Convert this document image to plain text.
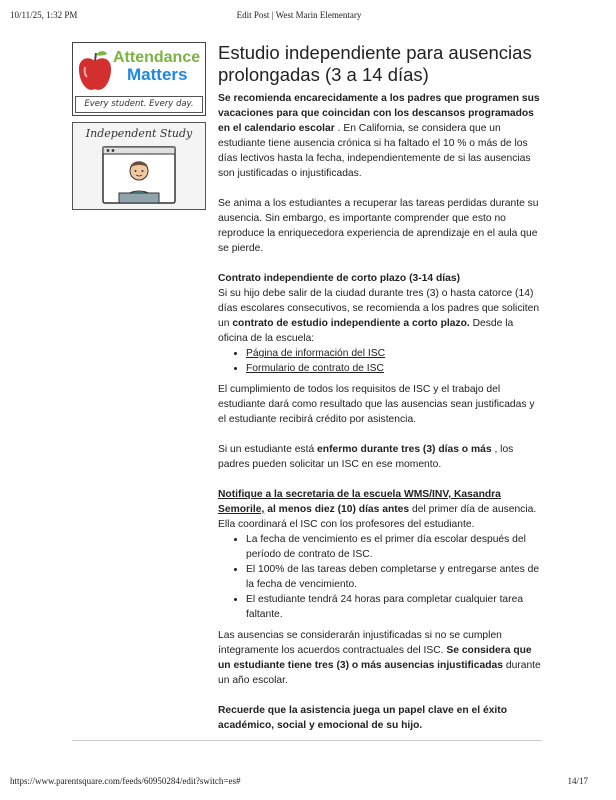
10/11/25, 1:32 PM	Edit Post | West Marin Elementary
Attendance
Matters
Every student. Every day.
Independent Study
Estudio independiente para ausencias prolongadas (3 a 14 días)

Se recomienda encarecidamente a los padres que programen sus vacaciones para que coincidan con los descansos programados en el calendario escolar . En California, se considera que un estudiante tiene ausencia crónica si ha faltado el 10 % o más de los días lectivos hasta la fecha, independientemente de si las ausencias son justificadas o injustificadas.

Se anima a los estudiantes a recuperar las tareas perdidas durante su ausencia. Sin embargo, es importante comprender que esto no reproduce la enriquecedora experiencia de aprendizaje en el aula que se pierde.

Contrato independiente de corto plazo (3-14 días)

Si su hijo debe salir de la ciudad durante tres (3) o hasta catorce (14) días escolares consecutivos, se recomienda a los padres que soliciten un contrato de estudio independiente a corto plazo. Desde la oficina de la escuela:

• Página de información del ISC
• Formulario de contrato de ISC

El cumplimiento de todos los requisitos de ISC y el trabajo del estudiante dará como resultado que las ausencias sean justificadas y el estudiante recibirá crédito por asistencia.

Si un estudiante está enfermo durante tres (3) días o más , los padres pueden solicitar un ISC en ese momento.

Notifique a la secretaria de la escuela WMS/INV, Kasandra Semorile, al menos diez (10) días antes del primer día de ausencia. Ella coordinará el ISC con los profesores del estudiante.

• La fecha de vencimiento es el primer día escolar después del período de contrato de ISC.
• El 100% de las tareas deben completarse y entregarse antes de la fecha de vencimiento.
• El estudiante tendrá 24 horas para completar cualquier tarea faltante.

Las ausencias se considerarán injustificadas si no se cumplen íntegramente los acuerdos contractuales del ISC. Se considera que un estudiante tiene tres (3) o más ausencias injustificadas durante un año escolar.

Recuerde que la asistencia juega un papel clave en el éxito académico, social y emocional de su hijo.

https://www.parentsquare.com/feeds/60950284/edit?switch=es#	14/17
